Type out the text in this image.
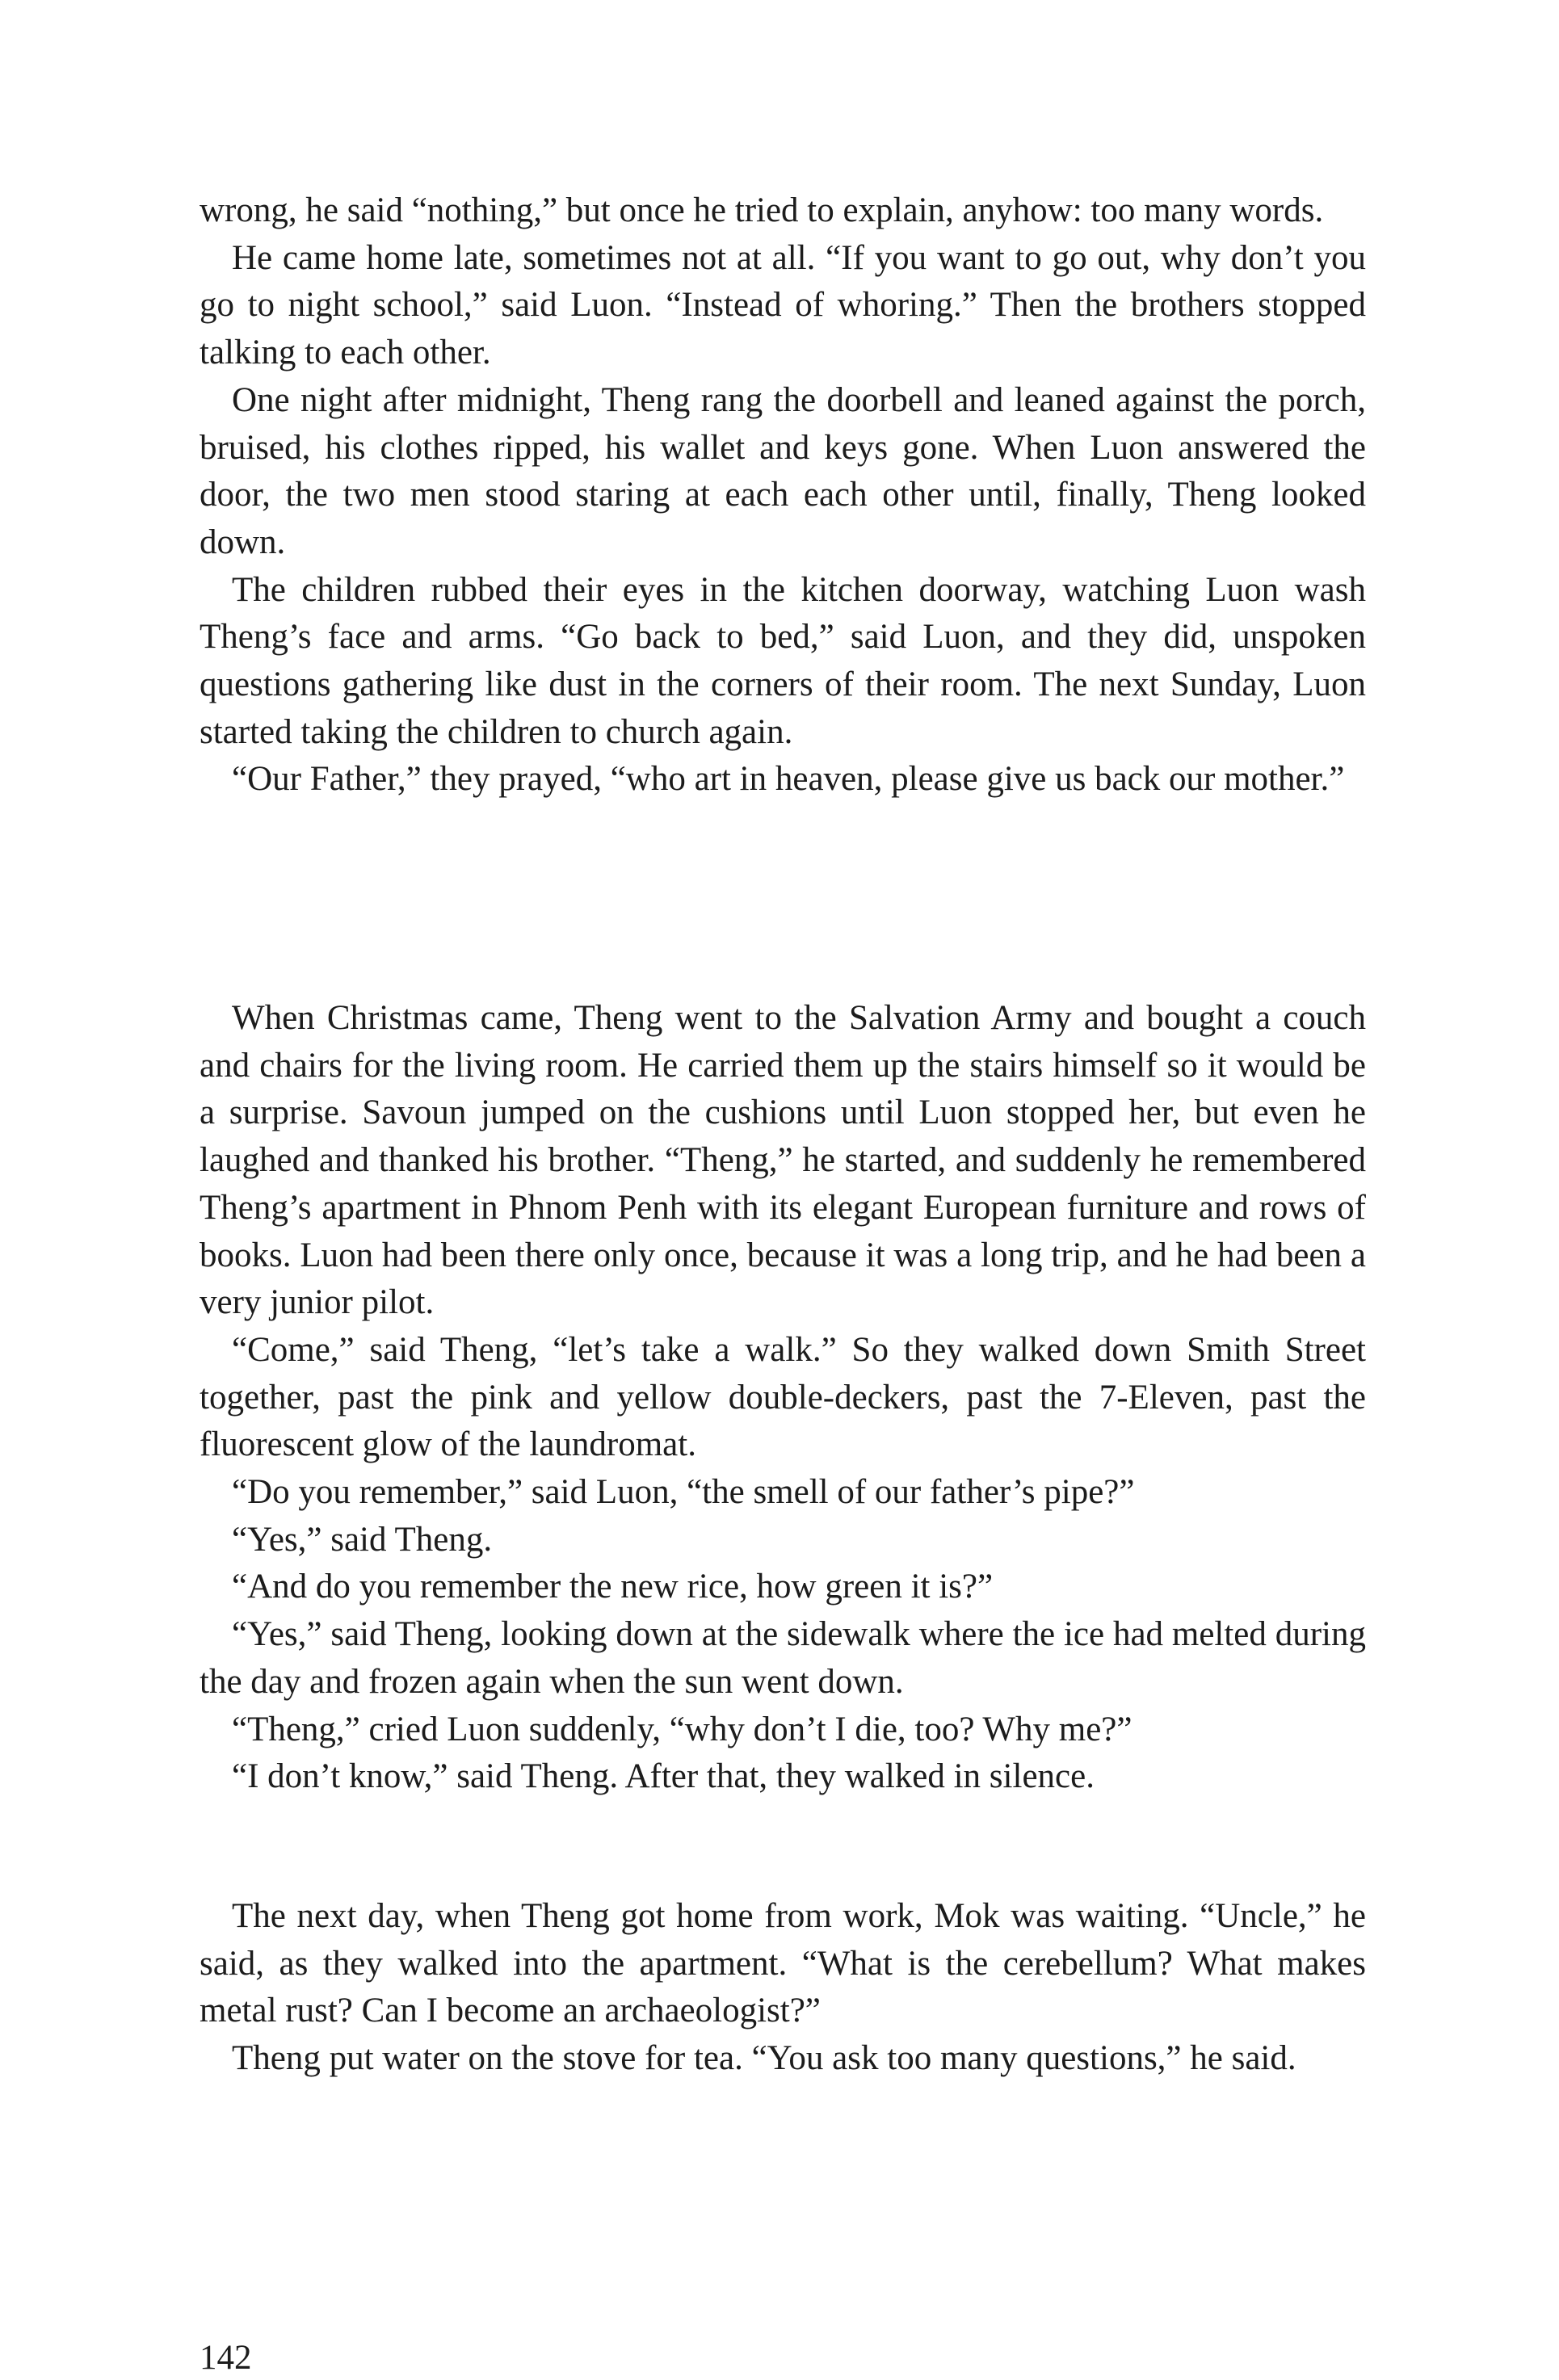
wrong, he said “nothing,” but once he tried to explain, anyhow: too many words.

He came home late, sometimes not at all. “If you want to go out, why don’t you go to night school,” said Luon. “Instead of whoring.” Then the brothers stopped talking to each other.

One night after midnight, Theng rang the doorbell and leaned against the porch, bruised, his clothes ripped, his wallet and keys gone. When Luon answered the door, the two men stood staring at each each other until, finally, Theng looked down.

The children rubbed their eyes in the kitchen doorway, watching Luon wash Theng’s face and arms. “Go back to bed,” said Luon, and they did, unspoken questions gathering like dust in the corners of their room. The next Sunday, Luon started taking the children to church again.

“Our Father,” they prayed, “who art in heaven, please give us back our mother.”

When Christmas came, Theng went to the Salvation Army and bought a couch and chairs for the living room. He carried them up the stairs himself so it would be a surprise. Savoun jumped on the cushions until Luon stopped her, but even he laughed and thanked his brother. “Theng,” he started, and suddenly he remembered Theng’s apartment in Phnom Penh with its elegant European furniture and rows of books. Luon had been there only once, because it was a long trip, and he had been a very junior pilot.

“Come,” said Theng, “let’s take a walk.” So they walked down Smith Street together, past the pink and yellow double-deckers, past the 7-Eleven, past the fluorescent glow of the laundromat.

“Do you remember,” said Luon, “the smell of our father’s pipe?”

“Yes,” said Theng.

“And do you remember the new rice, how green it is?”

“Yes,” said Theng, looking down at the sidewalk where the ice had melted during the day and frozen again when the sun went down.

“Theng,” cried Luon suddenly, “why don’t I die, too? Why me?”

“I don’t know,” said Theng. After that, they walked in silence.

The next day, when Theng got home from work, Mok was waiting. “Uncle,” he said, as they walked into the apartment. “What is the cerebellum? What makes metal rust? Can I become an archaeologist?”

Theng put water on the stove for tea. “You ask too many questions,” he said.

142
